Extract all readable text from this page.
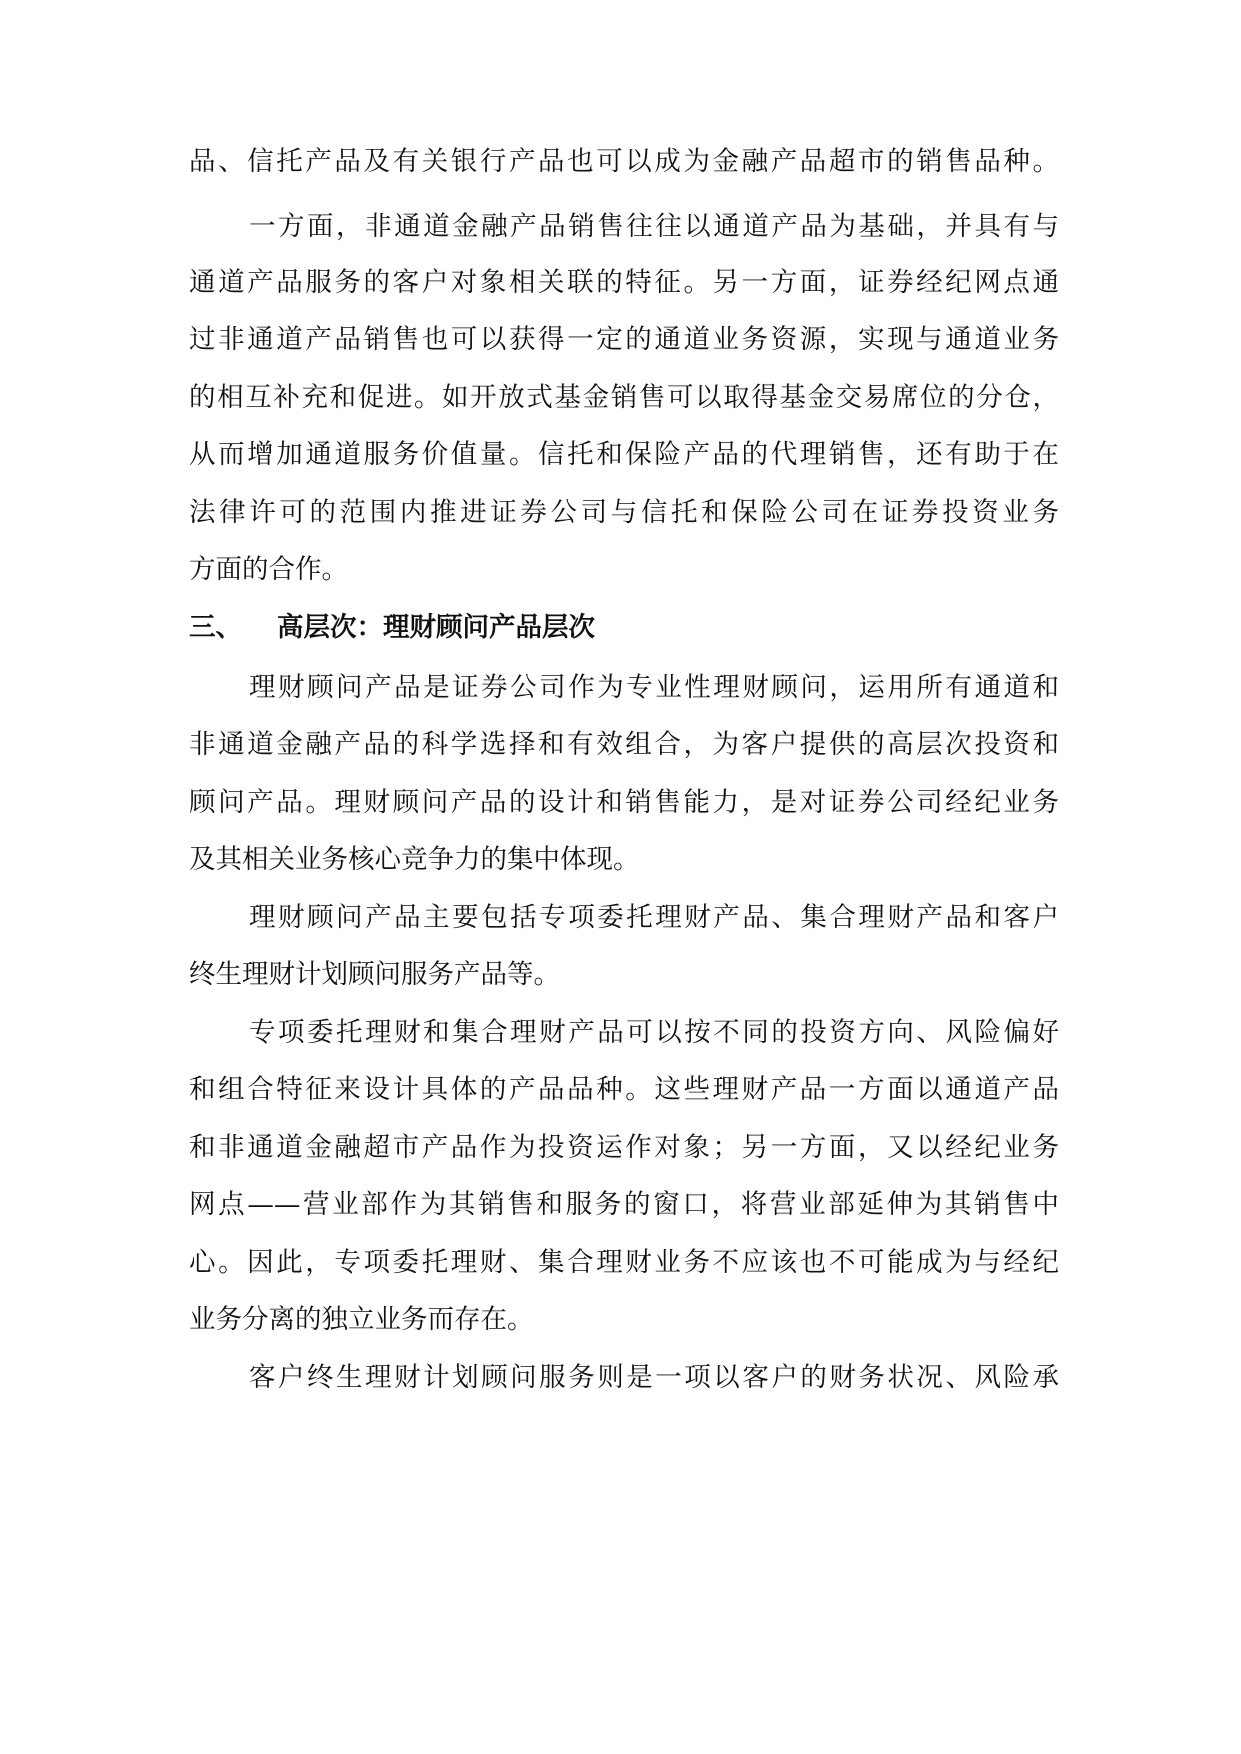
品、信托产品及有关银行产品也可以成为金融产品超市的销售品种。
一方面，非通道金融产品销售往往以通道产品为基础，并具有与
通道产品服务的客户对象相关联的特征。另一方面，证券经纪网点通
过非通道产品销售也可以获得一定的通道业务资源，实现与通道业务
的相互补充和促进。如开放式基金销售可以取得基金交易席位的分仓，
从而增加通道服务价值量。信托和保险产品的代理销售，还有助于在
法律许可的范围内推进证券公司与信托和保险公司在证券投资业务
方面的合作。
三、 高层次：理财顾问产品层次
理财顾问产品是证券公司作为专业性理财顾问，运用所有通道和
非通道金融产品的科学选择和有效组合，为客户提供的高层次投资和
顾问产品。理财顾问产品的设计和销售能力，是对证券公司经纪业务
及其相关业务核心竞争力的集中体现。
理财顾问产品主要包括专项委托理财产品、集合理财产品和客户
终生理财计划顾问服务产品等。
专项委托理财和集合理财产品可以按不同的投资方向、风险偏好
和组合特征来设计具体的产品品种。这些理财产品一方面以通道产品
和非通道金融超市产品作为投资运作对象；另一方面，又以经纪业务
网点——营业部作为其销售和服务的窗口，将营业部延伸为其销售中
心。因此，专项委托理财、集合理财业务不应该也不可能成为与经纪
业务分离的独立业务而存在。
客户终生理财计划顾问服务则是一项以客户的财务状况、风险承
